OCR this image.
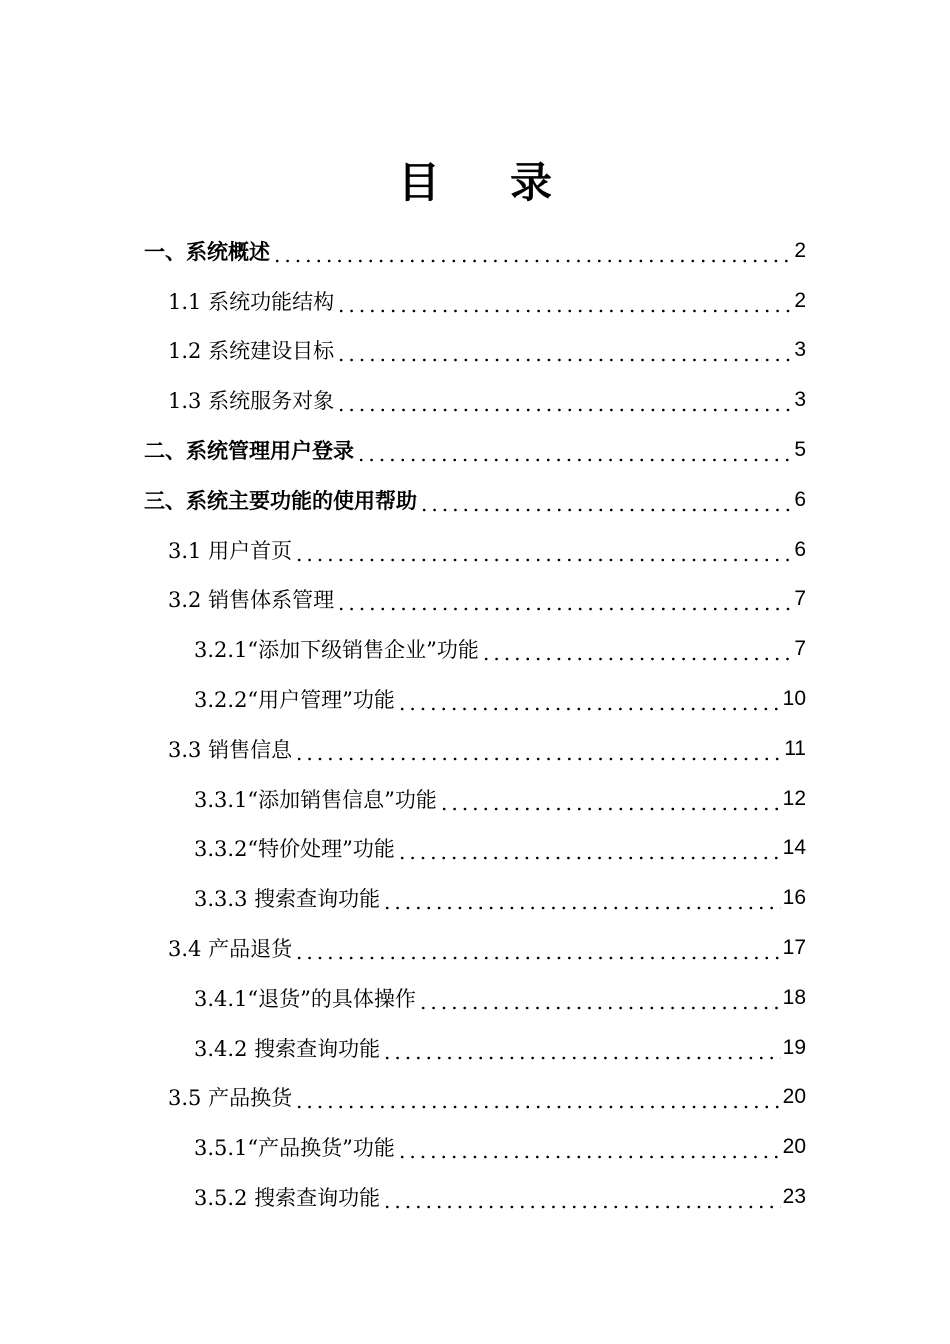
目 录
一、系统概述	2
1.1 系统功能结构	2
1.2 系统建设目标	3
1.3 系统服务对象	3
二、系统管理用户登录	5
三、系统主要功能的使用帮助	6
3.1 用户首页	6
3.2 销售体系管理	7
3.2.1“添加下级销售企业”功能	7
3.2.2“用户管理”功能	10
3.3 销售信息	11
3.3.1“添加销售信息”功能	12
3.3.2“特价处理”功能	14
3.3.3 搜索查询功能	16
3.4 产品退货	17
3.4.1“退货”的具体操作	18
3.4.2 搜索查询功能	19
3.5 产品换货	20
3.5.1“产品换货”功能	20
3.5.2 搜索查询功能	23
